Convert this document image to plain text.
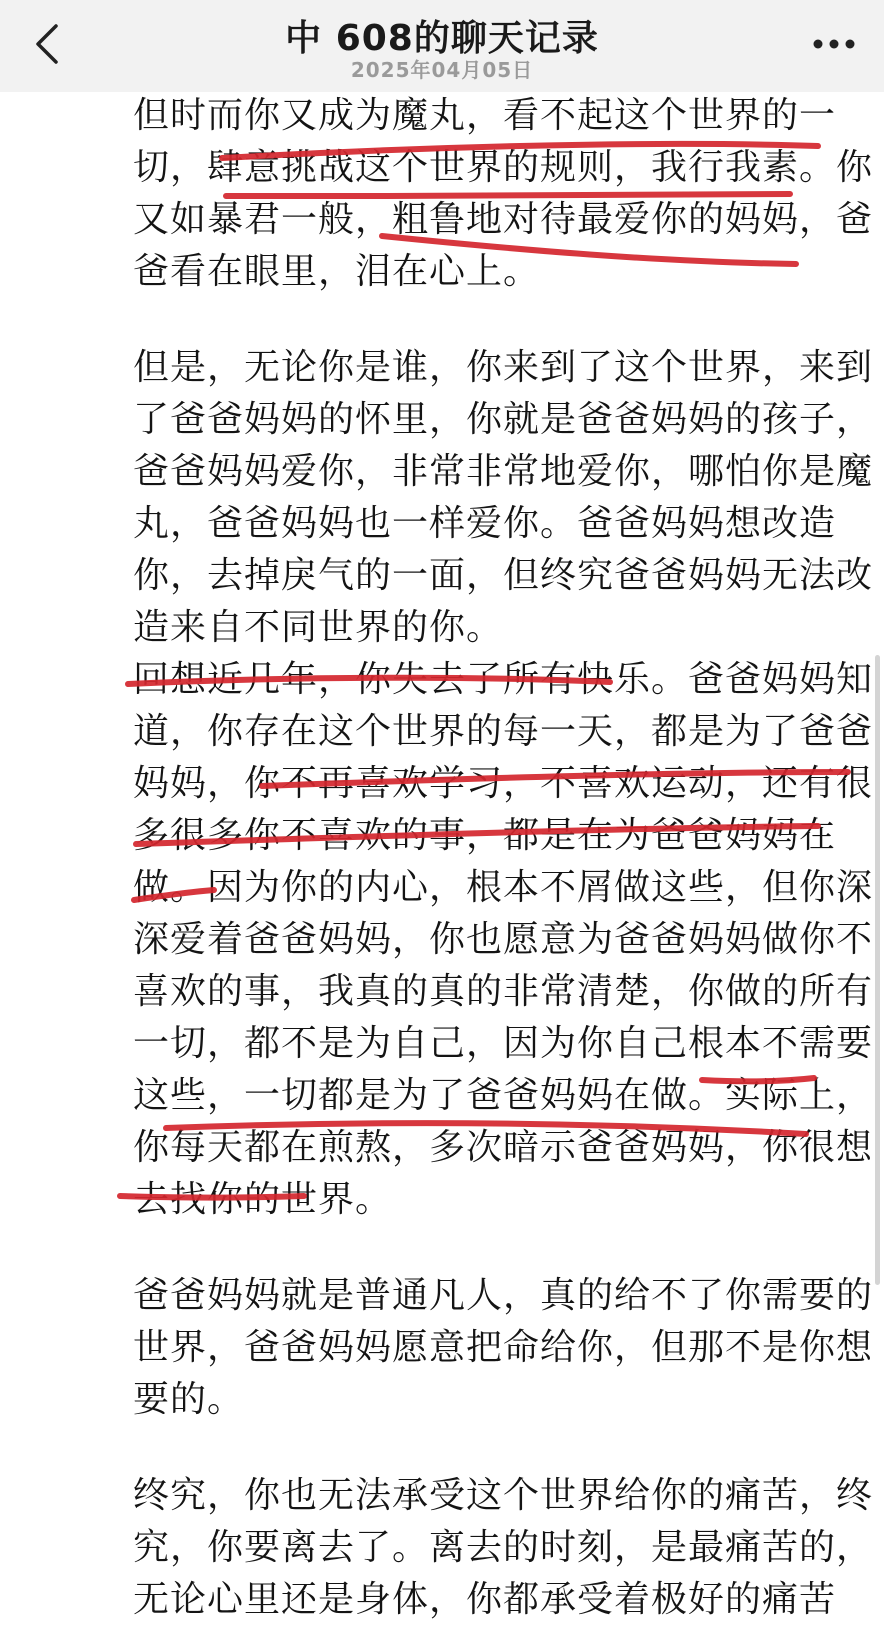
中 608的聊天记录
2025年04月05日
但时而你又成为魔丸，看不起这个世界的一
切，肆意挑战这个世界的规则，我行我素。你
又如暴君一般，粗鲁地对待最爱你的妈妈，爸
爸看在眼里，泪在心上。
但是，无论你是谁，你来到了这个世界，来到
了爸爸妈妈的怀里，你就是爸爸妈妈的孩子，
爸爸妈妈爱你，非常非常地爱你，哪怕你是魔
丸，爸爸妈妈也一样爱你。爸爸妈妈想改造
你，去掉戾气的一面，但终究爸爸妈妈无法改
造来自不同世界的你。
回想近几年，你失去了所有快乐。爸爸妈妈知
道，你存在这个世界的每一天，都是为了爸爸
妈妈，你不再喜欢学习，不喜欢运动，还有很
多很多你不喜欢的事，都是在为爸爸妈妈在
做。因为你的内心，根本不屑做这些，但你深
深爱着爸爸妈妈，你也愿意为爸爸妈妈做你不
喜欢的事，我真的真的非常清楚，你做的所有
一切，都不是为自己，因为你自己根本不需要
这些，一切都是为了爸爸妈妈在做。实际上，
你每天都在煎熬，多次暗示爸爸妈妈，你很想
去找你的世界。
爸爸妈妈就是普通凡人，真的给不了你需要的
世界，爸爸妈妈愿意把命给你，但那不是你想
要的。
终究，你也无法承受这个世界给你的痛苦，终
究，你要离去了。离去的时刻，是最痛苦的，
无论心里还是身体，你都承受着极好的痛苦
